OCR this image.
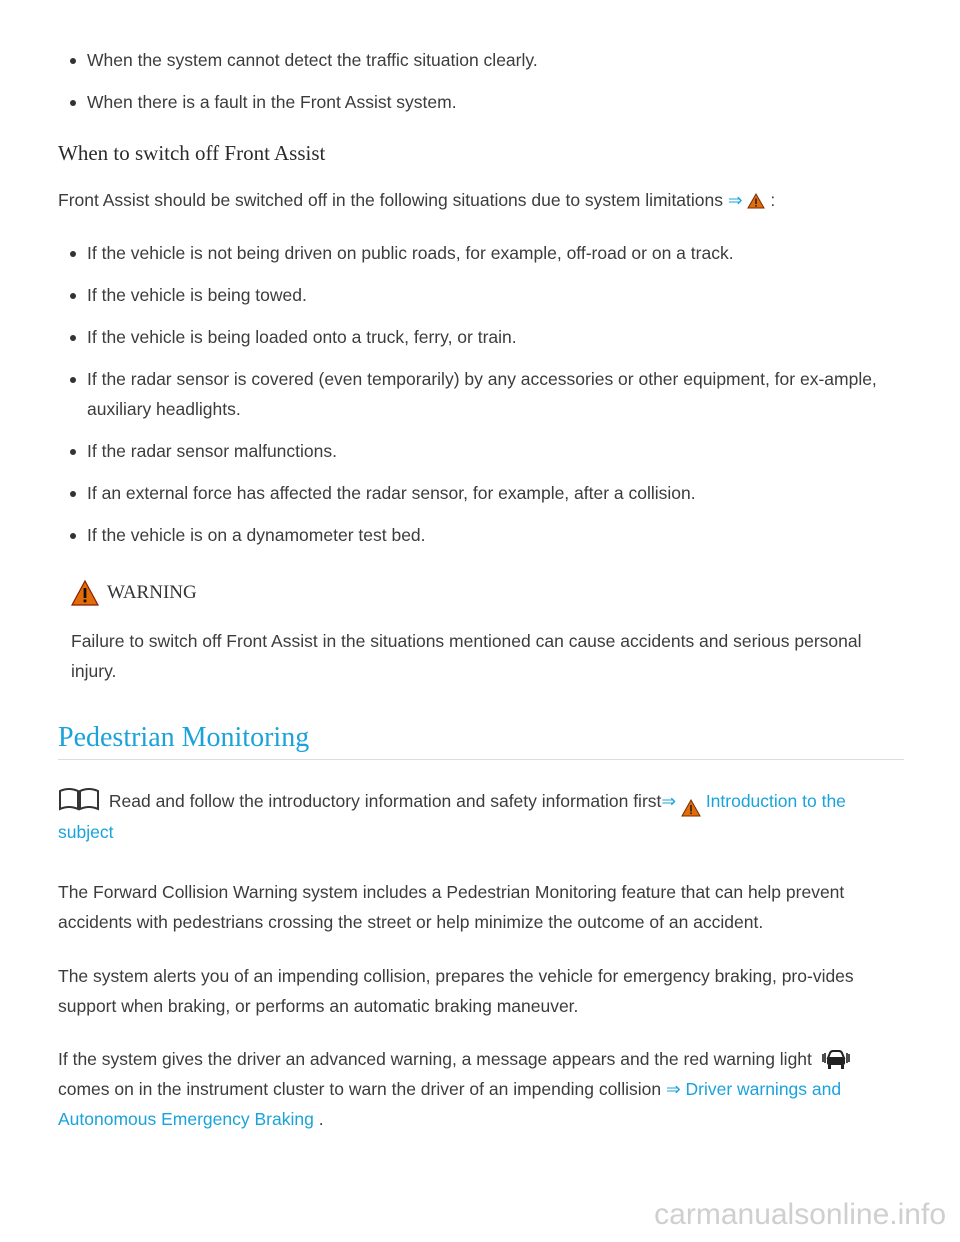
When the system cannot detect the traffic situation clearly.
When there is a fault in the Front Assist system.
When to switch off Front Assist

Front Assist should be switched off in the following situations due to system limitations ⇒ :

If the vehicle is not being driven on public roads, for example, off-road or on a track.
If the vehicle is being towed.
If the vehicle is being loaded onto a truck, ferry, or train.
If the radar sensor is covered (even temporarily) by any accessories or other equipment, for ex-ample, auxiliary headlights.
If the radar sensor malfunctions.
If an external force has affected the radar sensor, for example, after a collision.
If the vehicle is on a dynamometer test bed.
WARNING

Failure to switch off Front Assist in the situations mentioned can cause accidents and serious personal injury.

Pedestrian Monitoring

Read and follow the introductory information and safety information first⇒ Introduction to the subject

The Forward Collision Warning system includes a Pedestrian Monitoring feature that can help prevent accidents with pedestrians crossing the street or help minimize the outcome of an accident.

The system alerts you of an impending collision, prepares the vehicle for emergency braking, pro-vides support when braking, or performs an automatic braking maneuver.

If the system gives the driver an advanced warning, a message appears and the red warning light
comes on in the instrument cluster to warn the driver of an impending collision ⇒ Driver warnings and Autonomous Emergency Braking .

carmanualsonline.info
